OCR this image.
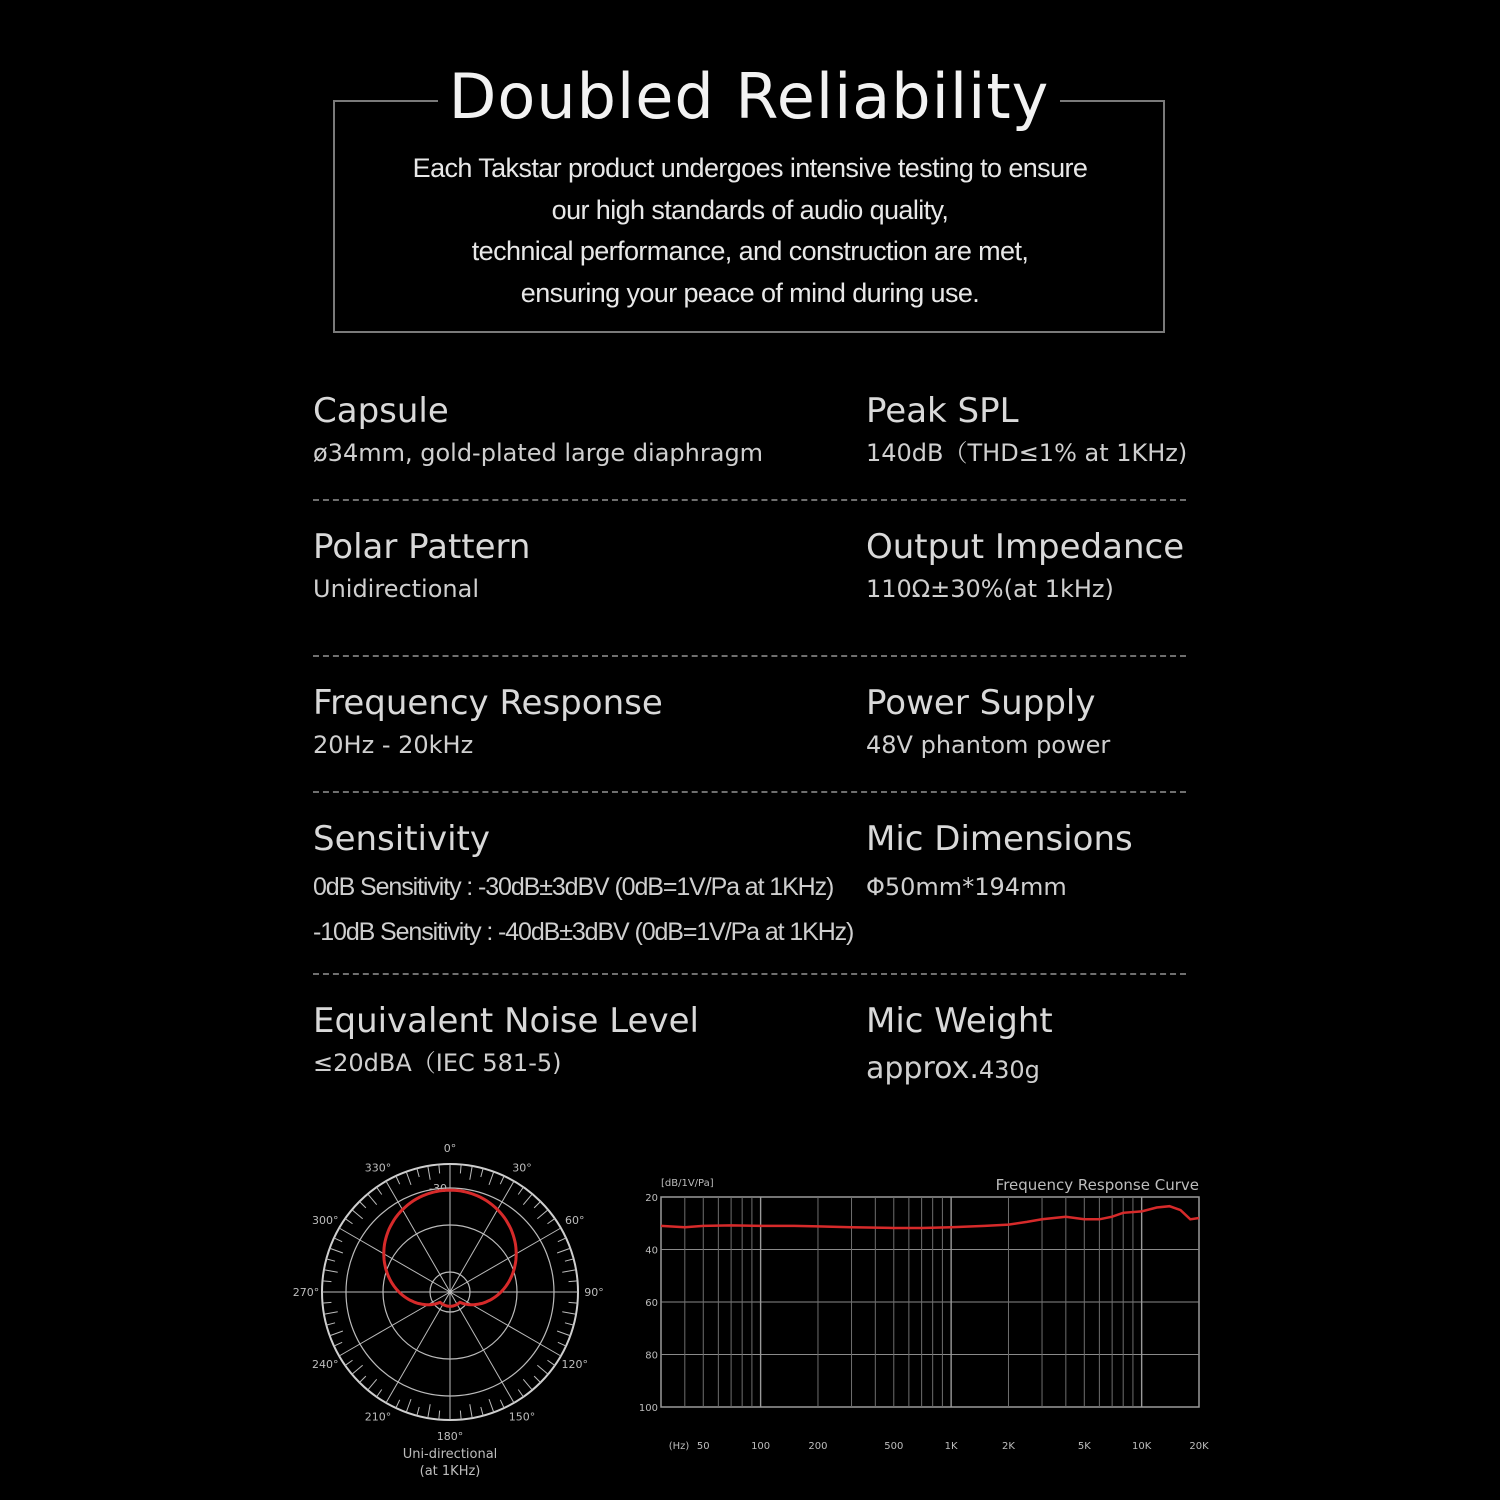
Doubled Reliability
Each Takstar product undergoes intensive testing to ensure
our high standards of audio quality,
technical performance, and construction are met,
ensuring your peace of mind during use.
Capsule
ø34mm, gold-plated large diaphragm
Peak SPL
140dB（THD≤1% at 1KHz)
Polar Pattern
Unidirectional
Output Impedance
110Ω±30%(at 1kHz)
Frequency Response
20Hz - 20kHz
Power Supply
48V phantom power
Sensitivity
0dB Sensitivity : -30dB±3dBV (0dB=1V/Pa at 1KHz)
-10dB Sensitivity : -40dB±3dBV (0dB=1V/Pa at 1KHz)
Mic Dimensions
Φ50mm*194mm
Equivalent Noise Level
≤20dBA（IEC 581-5)
Mic Weight
approx.430g
0°
30°
60°
90°
120°
150°
180°
210°
240°
270°
300°
330°
-30
Uni-directional
(at 1KHz)
20
40
60
80
100
50	100	200	500	1K	2K	5K	10K	20K
Frequency Response Curve
[dB/1V/Pa]
(Hz)
